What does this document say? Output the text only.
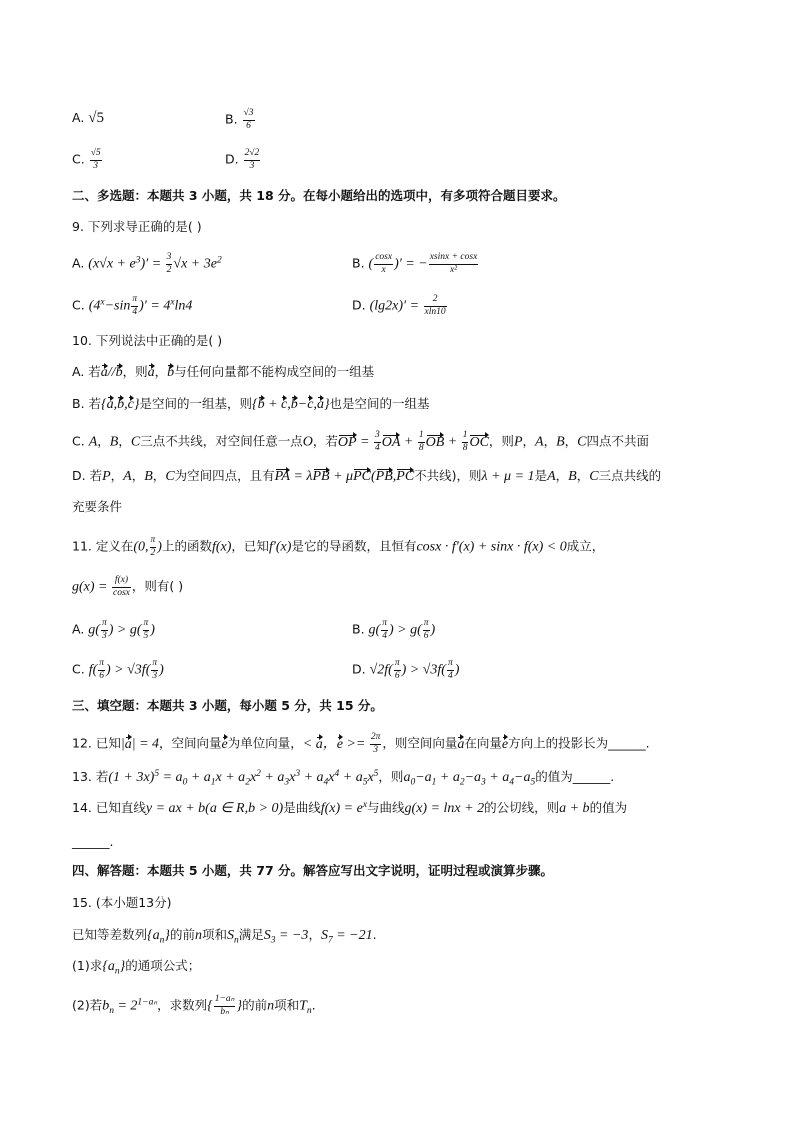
A. √5	B. $\frac{√3}{6}$
C. $\frac{√5}{3}$	D. $\frac{2√2}{3}$
二、多选题：本题共 3 小题，共 18 分。在每小题给出的选项中，有多项符合题目要求。
9. 下列求导正确的是( )
A. $(x√x + e^3)' = \frac{3}{2} √x + 3e^2$	B. ( $\frac{\cos x}{x}$ )′ = − $\frac{xsinx + \cos x}{\text{x²}}$
C. ($4^x-\sin \frac{\pi}{4}$ )′ = $4^x\ln 4$	D. $(\lg 2x)' = \frac{2}{xln10}$
10. 下列说法中正确的是( )
A. 若a//b，则a，b与任何向量都不能构成空间的一组基
B. 若{a,b,c}是空间的一组基，则{b + c,b−c,a}也是空间的一组基
C. A，B，C三点不共线，对空间任意一点O，若OP = $\frac{3}{4}$ OA + $\frac{1}{8}$ OB + $\frac{1}{8}$ OC，则P，A，B，C四点不共面
D. 若P，A，B，C为空间四点，且有PA = λPB + μPC(PB,PC不共线)，则λ + μ = 1是A，B，C三点共线的
充要条件
11. 定义在(0, $\frac{\pi}{2}$ )上的函数f(x)，已知f′(x)是它的导函数，且恒有cosx · f′(x) + sinx · f(x) < 0成立，
$g(x) = \frac{f(x)}{\cos x}$ ，则有( )
A. $g( \frac{\pi}{3}$ ) > $g( \frac{\pi}{5}$ )	B. $g( \frac{\pi}{4}$ ) > $g( \frac{\pi}{6}$ )
C. $f( \frac{\pi}{6}$ ) > $√3f( \frac{\pi}{3}$ )	D. $√2f( \frac{\pi}{6}$ ) > $√3f( \frac{\pi}{4}$ )
三、填空题：本题共 3 小题，每小题 5 分，共 15 分。
12. 已知|a| = 4，空间向量e为单位向量，< a，$e >= \frac{2\pi}{3}$ ，则空间向量a在向量e方向上的投影长为______.
13. 若$(1 + 3x)^5 = a_0 + a_1x + a_2x^2 + a_3x^3 + a_4x^4 + a_5x^5$，则$a_0-a_1 + a_2-a_3 + a_4-a_5$的值为______.
14. 已知直线y = ax + b(a ∈ R,b > 0)是曲线$f(x) = e^x$与曲线g(x) = lnx + 2的公切线，则a + b的值为
______.
四、解答题：本题共 5 小题，共 77 分。解答应写出文字说明，证明过程或演算步骤。
15. (本小题13分)
已知等差数列$\{a_n\}$的前n项和$S_n$满足$S_3 = -3$，$S_7 = -21$.
(1)求$\{a_n\}$的通项公式；
(2)若$b_n = 2^{1-a_n}$，求数列{ $\frac{\text{1−aₙ}}{\text{bₙ}}$ }的前n项和$T_n$.
